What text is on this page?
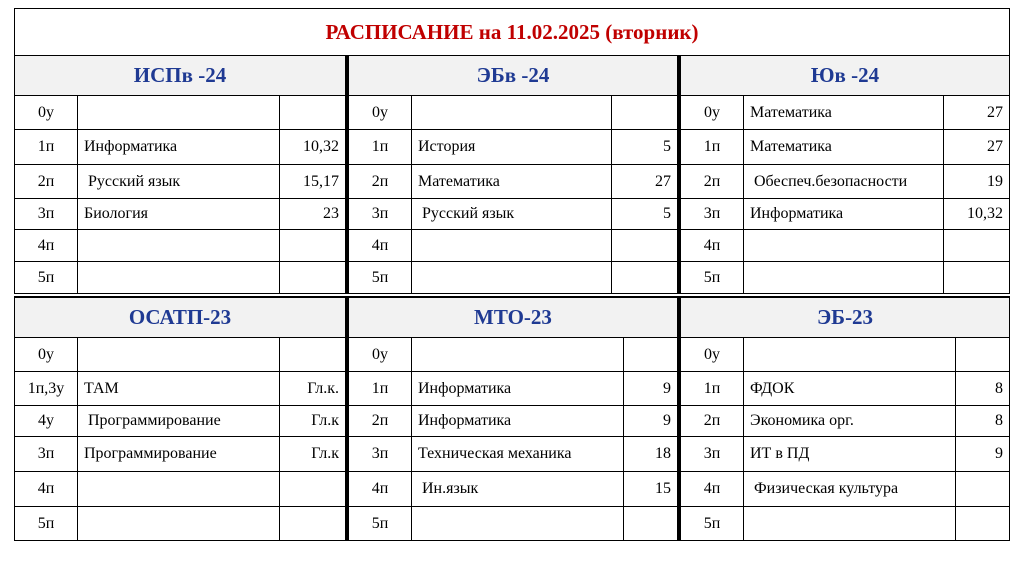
РАСПИСАНИЕ на 11.02.2025 (вторник)
ИСПв -24
0у
1п	Информатика	10,32
2п	Русский язык	15,17
3п	Биология	23
4п
5п
ЭБв -24
0у
1п	История	5
2п	Математика	27
3п	Русский язык	5
4п
5п
Юв -24
0у	Математика	27
1п	Математика	27
2п	Обеспеч.безопасности	19
3п	Информатика	10,32
4п
5п
ОСАТП-23
0у
1п,3у	ТАМ	Гл.к.
4у	Программирование	Гл.к
3п	Программирование	Гл.к
4п
5п
МТО-23
0у
1п	Информатика	9
2п	Информатика	9
3п	Техническая механика	18
4п	Ин.язык	15
5п
ЭБ-23
0у
1п	ФДОК	8
2п	Экономика орг.	8
3п	ИТ в ПД	9
4п	Физическая культура
5п
